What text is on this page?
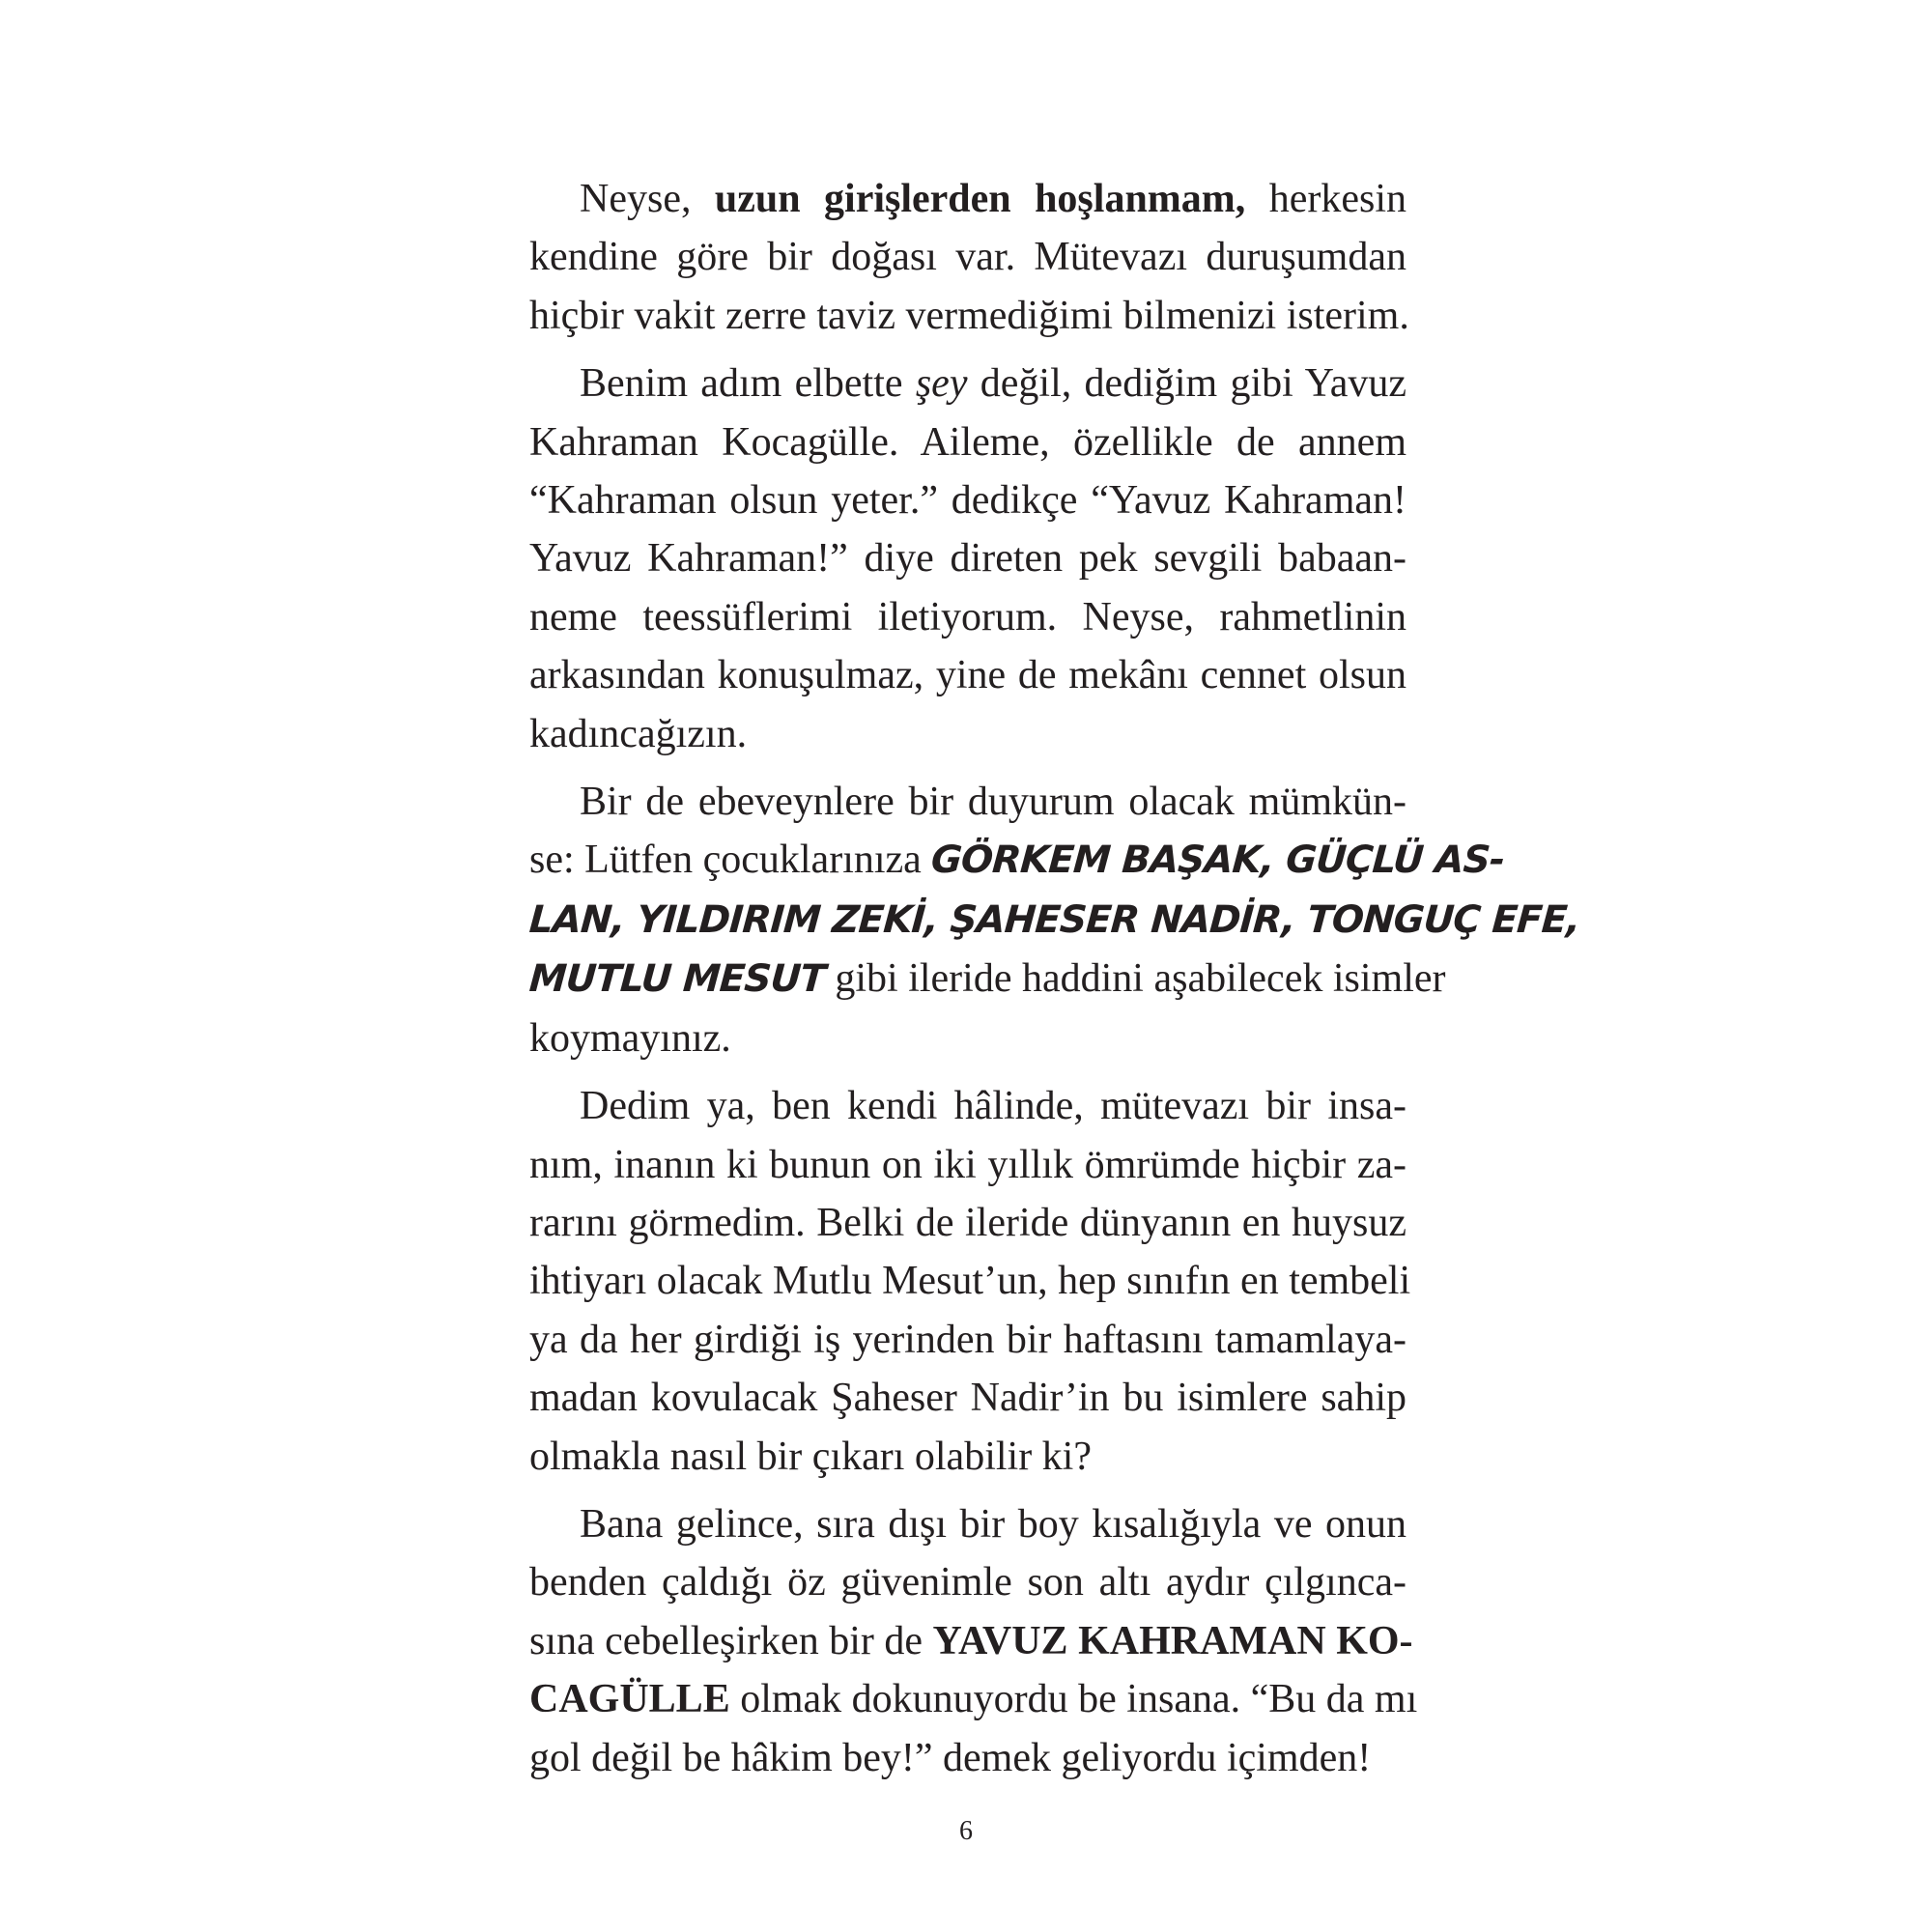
Neyse, uzun girişlerden hoşlanmam, herkesin
kendine göre bir doğası var. Mütevazı duruşumdan
hiçbir vakit zerre taviz vermediğimi bilmenizi isterim.
Benim adım elbette şey değil, dediğim gibi Yavuz
Kahraman Kocagülle. Aileme, özellikle de annem
“Kahraman olsun yeter.” dedikçe “Yavuz Kahraman!
Yavuz Kahraman!” diye direten pek sevgili babaan-
neme teessüflerimi iletiyorum. Neyse, rahmetlinin
arkasından konuşulmaz, yine de mekânı cennet olsun
kadıncağızın.
Bir de ebeveynlere bir duyurum olacak mümkün-
se: Lütfen çocuklarınıza GÖRKEM BAŞAK, GÜÇLÜ AS-
LAN, YILDIRIM ZEKİ, ŞAHESER NADİR, TONGUÇ EFE,
MUTLU MESUT gibi ileride haddini aşabilecek isimler
koymayınız.
Dedim ya, ben kendi hâlinde, mütevazı bir insa-
nım, inanın ki bunun on iki yıllık ömrümde hiçbir za-
rarını görmedim. Belki de ileride dünyanın en huysuz
ihtiyarı olacak Mutlu Mesut’un, hep sınıfın en tembeli
ya da her girdiği iş yerinden bir haftasını tamamlaya-
madan kovulacak Şaheser Nadir’in bu isimlere sahip
olmakla nasıl bir çıkarı olabilir ki?
Bana gelince, sıra dışı bir boy kısalığıyla ve onun
benden çaldığı öz güvenimle son altı aydır çılgınca-
sına cebelleşirken bir de YAVUZ KAHRAMAN KO-
CAGÜLLE olmak dokunuyordu be insana. “Bu da mı
gol değil be hâkim bey!” demek geliyordu içimden!
6
